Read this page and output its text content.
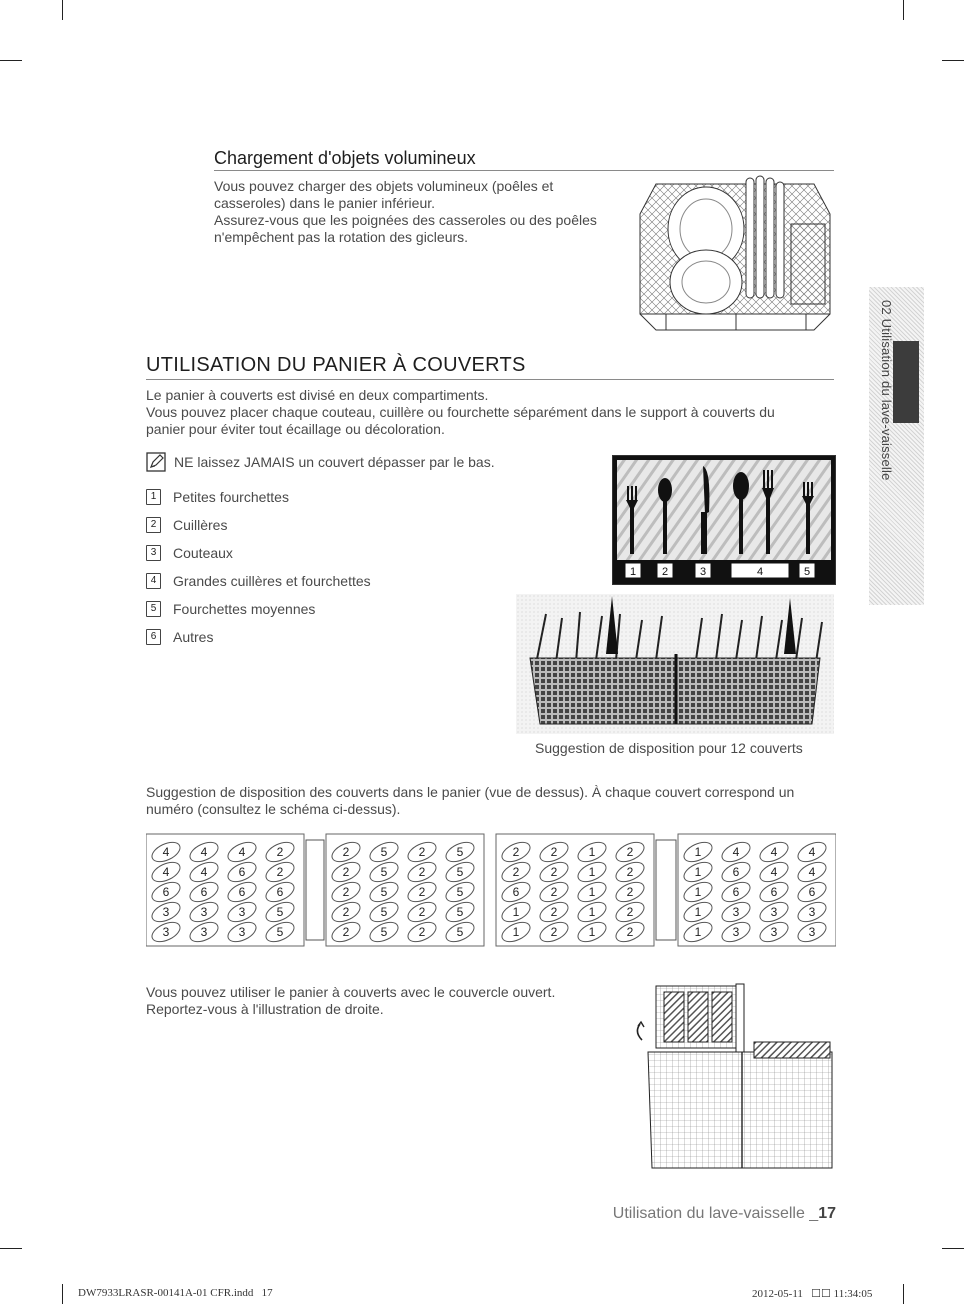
Chargement d'objets volumineux

Vous pouvez charger des objets volumineux (poêles et casseroles) dans le panier inférieur.

Assurez-vous que les poignées des casseroles ou des poêles n'empêchent pas la rotation des gicleurs.

UTILISATION DU PANIER À COUVERTS

Le panier à couverts est divisé en deux compartiments.

Vous pouvez placer chaque couteau, cuillère ou fourchette séparément dans le support à couverts du panier pour éviter tout écaillage ou décoloration.

NE laissez JAMAIS un couvert dépasser par le bas.
1	Petites fourchettes
2	Cuillères
3	Couteaux
4	Grandes cuillères et fourchettes
5	Fourchettes moyennes
6	Autres
1 2	3	4	5
Suggestion de disposition pour 12 couverts

Suggestion de disposition des couverts dans le panier (vue de dessus). À chaque couvert correspond un numéro (consultez le schéma ci-dessus).

4	4	4	2
4	4	6	2
6	6	6	6
3	3	3	5
3	3	3	5
2	5	2	5
2	5	2	5
2	5	2	5
2	5	2	5
2	5	2	5
2	2	1	2
2	2	1	2
6	2	1	2
1	2	1	2
1	2	1	2
1	4	4	4
1	6	4	4
1	6	6	6
1	3	3	3
1	3	3	3

Vous pouvez utiliser le panier à couverts avec le couvercle ouvert.

Reportez-vous à l'illustration de droite.

02 Utilisation du lave-vaisselle
Utilisation du lave-vaisselle _17
DW7933LRASR-00141A-01 CFR.indd   17	2012-05-11   ☐☐ 11:34:05
